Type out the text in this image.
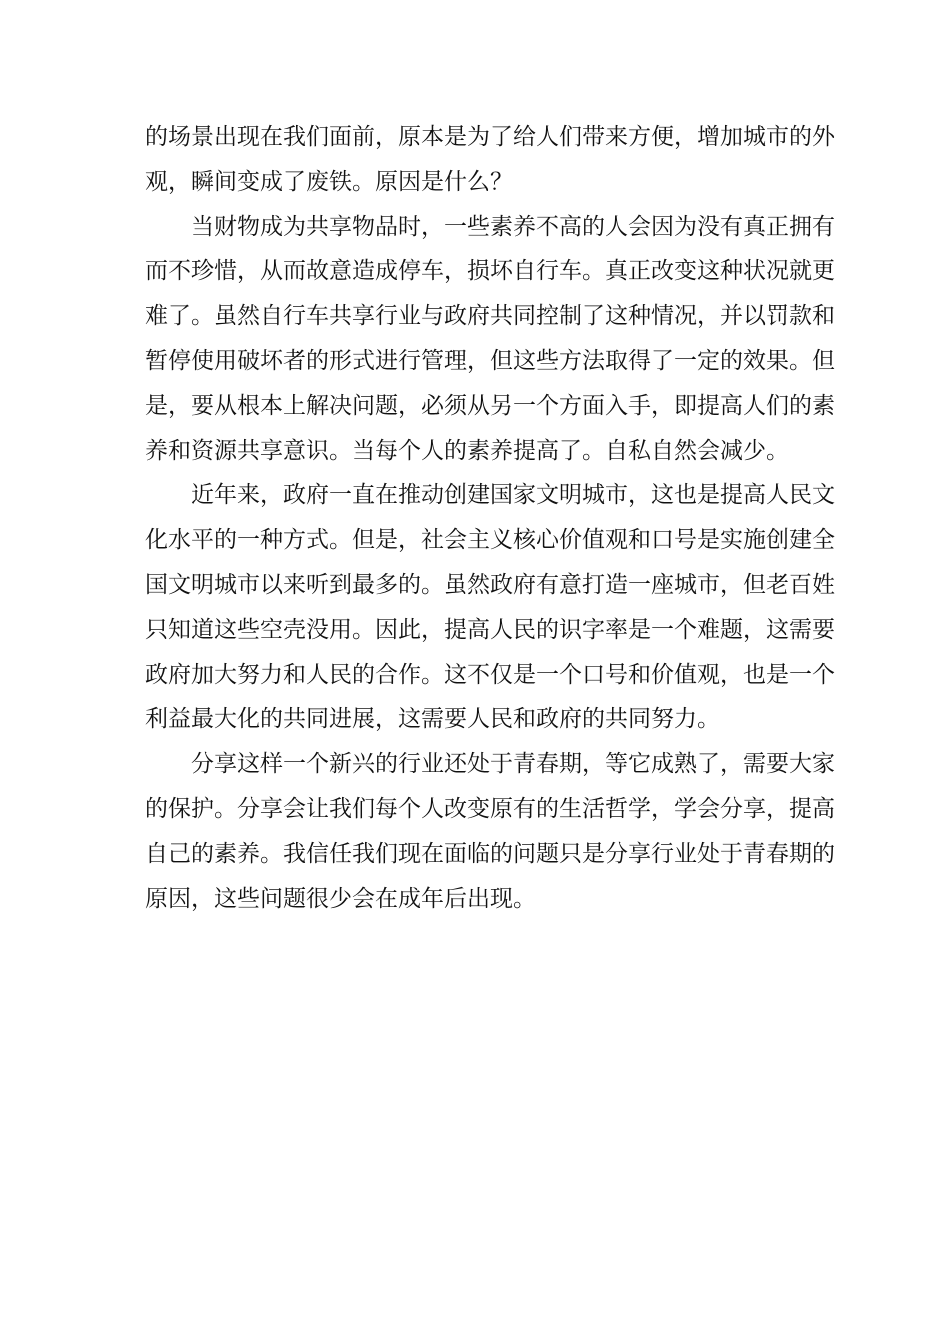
的场景出现在我们面前，原本是为了给人们带来方便，增加城市的外观，瞬间变成了废铁。原因是什么？

当财物成为共享物品时，一些素养不高的人会因为没有真正拥有而不珍惜，从而故意造成停车，损坏自行车。真正改变这种状况就更难了。虽然自行车共享行业与政府共同控制了这种情况，并以罚款和暂停使用破坏者的形式进行管理，但这些方法取得了一定的效果。但是，要从根本上解决问题，必须从另一个方面入手，即提高人们的素养和资源共享意识。当每个人的素养提高了。自私自然会减少。

近年来，政府一直在推动创建国家文明城市，这也是提高人民文化水平的一种方式。但是，社会主义核心价值观和口号是实施创建全国文明城市以来听到最多的。虽然政府有意打造一座城市，但老百姓只知道这些空壳没用。因此，提高人民的识字率是一个难题，这需要政府加大努力和人民的合作。这不仅是一个口号和价值观，也是一个利益最大化的共同进展，这需要人民和政府的共同努力。

分享这样一个新兴的行业还处于青春期，等它成熟了，需要大家的保护。分享会让我们每个人改变原有的生活哲学，学会分享，提高自己的素养。我信任我们现在面临的问题只是分享行业处于青春期的原因，这些问题很少会在成年后出现。
